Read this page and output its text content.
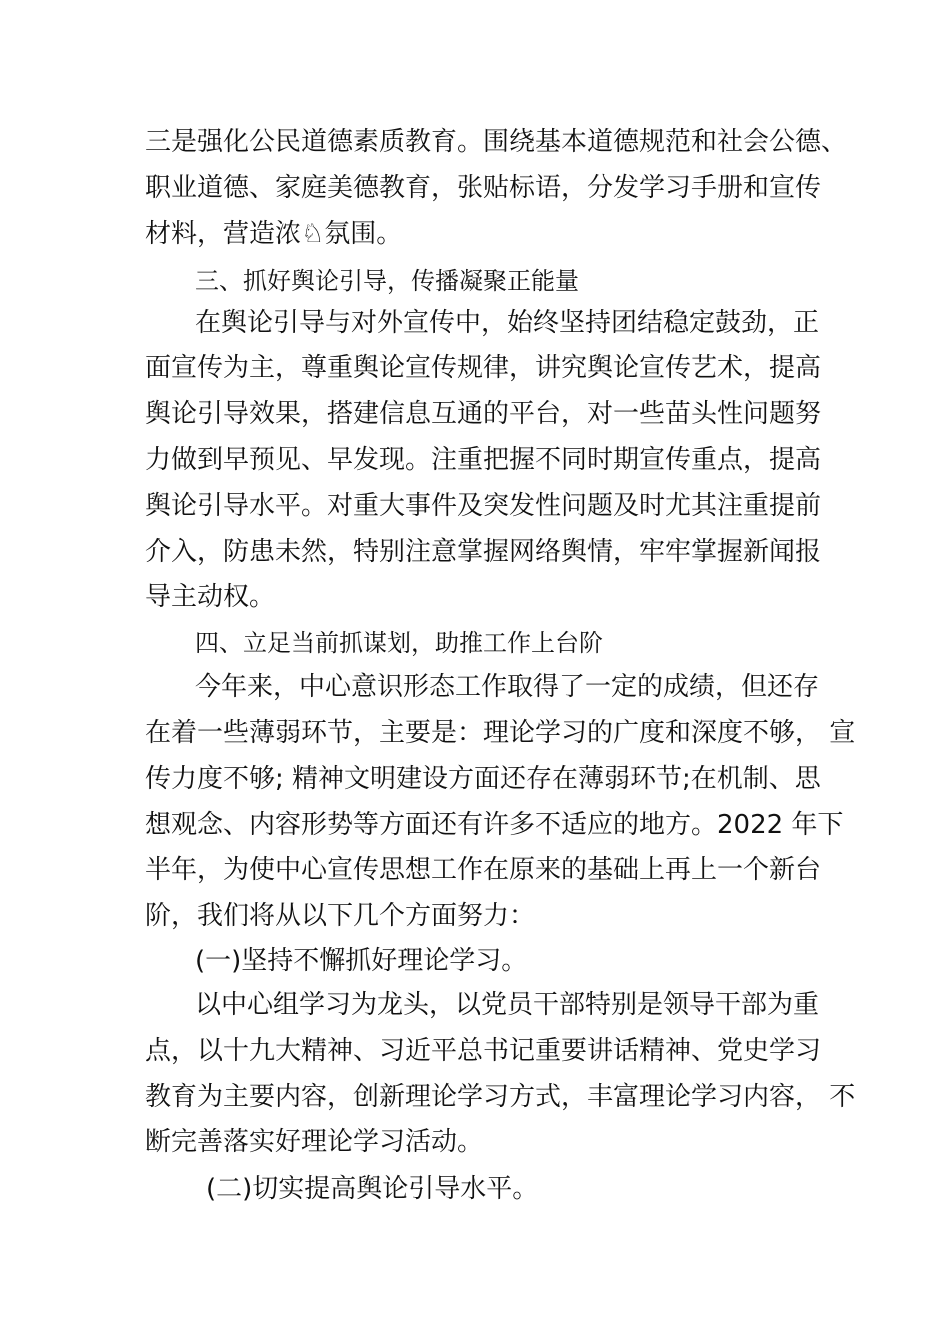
三是强化公民道德素质教育。围绕基本道德规范和社会公德、
职业道德、家庭美德教育，张贴标语，分发学习手册和宣传
材料，营造浓♘氛围。
三、抓好舆论引导，传播凝聚正能量
在舆论引导与对外宣传中，始终坚持团结稳定鼓劲，正
面宣传为主，尊重舆论宣传规律，讲究舆论宣传艺术，提高
舆论引导效果，搭建信息互通的平台，对一些苗头性问题努
力做到早预见、早发现。注重把握不同时期宣传重点，提高
舆论引导水平。对重大事件及突发性问题及时尤其注重提前
介入，防患未然，特别注意掌握网络舆情，牢牢掌握新闻报
导主动权。
四、立足当前抓谋划，助推工作上台阶
今年来，中心意识形态工作取得了一定的成绩，但还存
在着一些薄弱环节，主要是：理论学习的广度和深度不够， 宣
传力度不够; 精神文明建设方面还存在薄弱环节;在机制、思
想观念、内容形势等方面还有许多不适应的地方。2022 年下
半年，为使中心宣传思想工作在原来的基础上再上一个新台
阶，我们将从以下几个方面努力：
(一)坚持不懈抓好理论学习。
以中心组学习为龙头，以党员干部特别是领导干部为重
点，以十九大精神、习近平总书记重要讲话精神、党史学习
教育为主要内容，创新理论学习方式，丰富理论学习内容， 不
断完善落实好理论学习活动。
(二)切实提高舆论引导水平。
